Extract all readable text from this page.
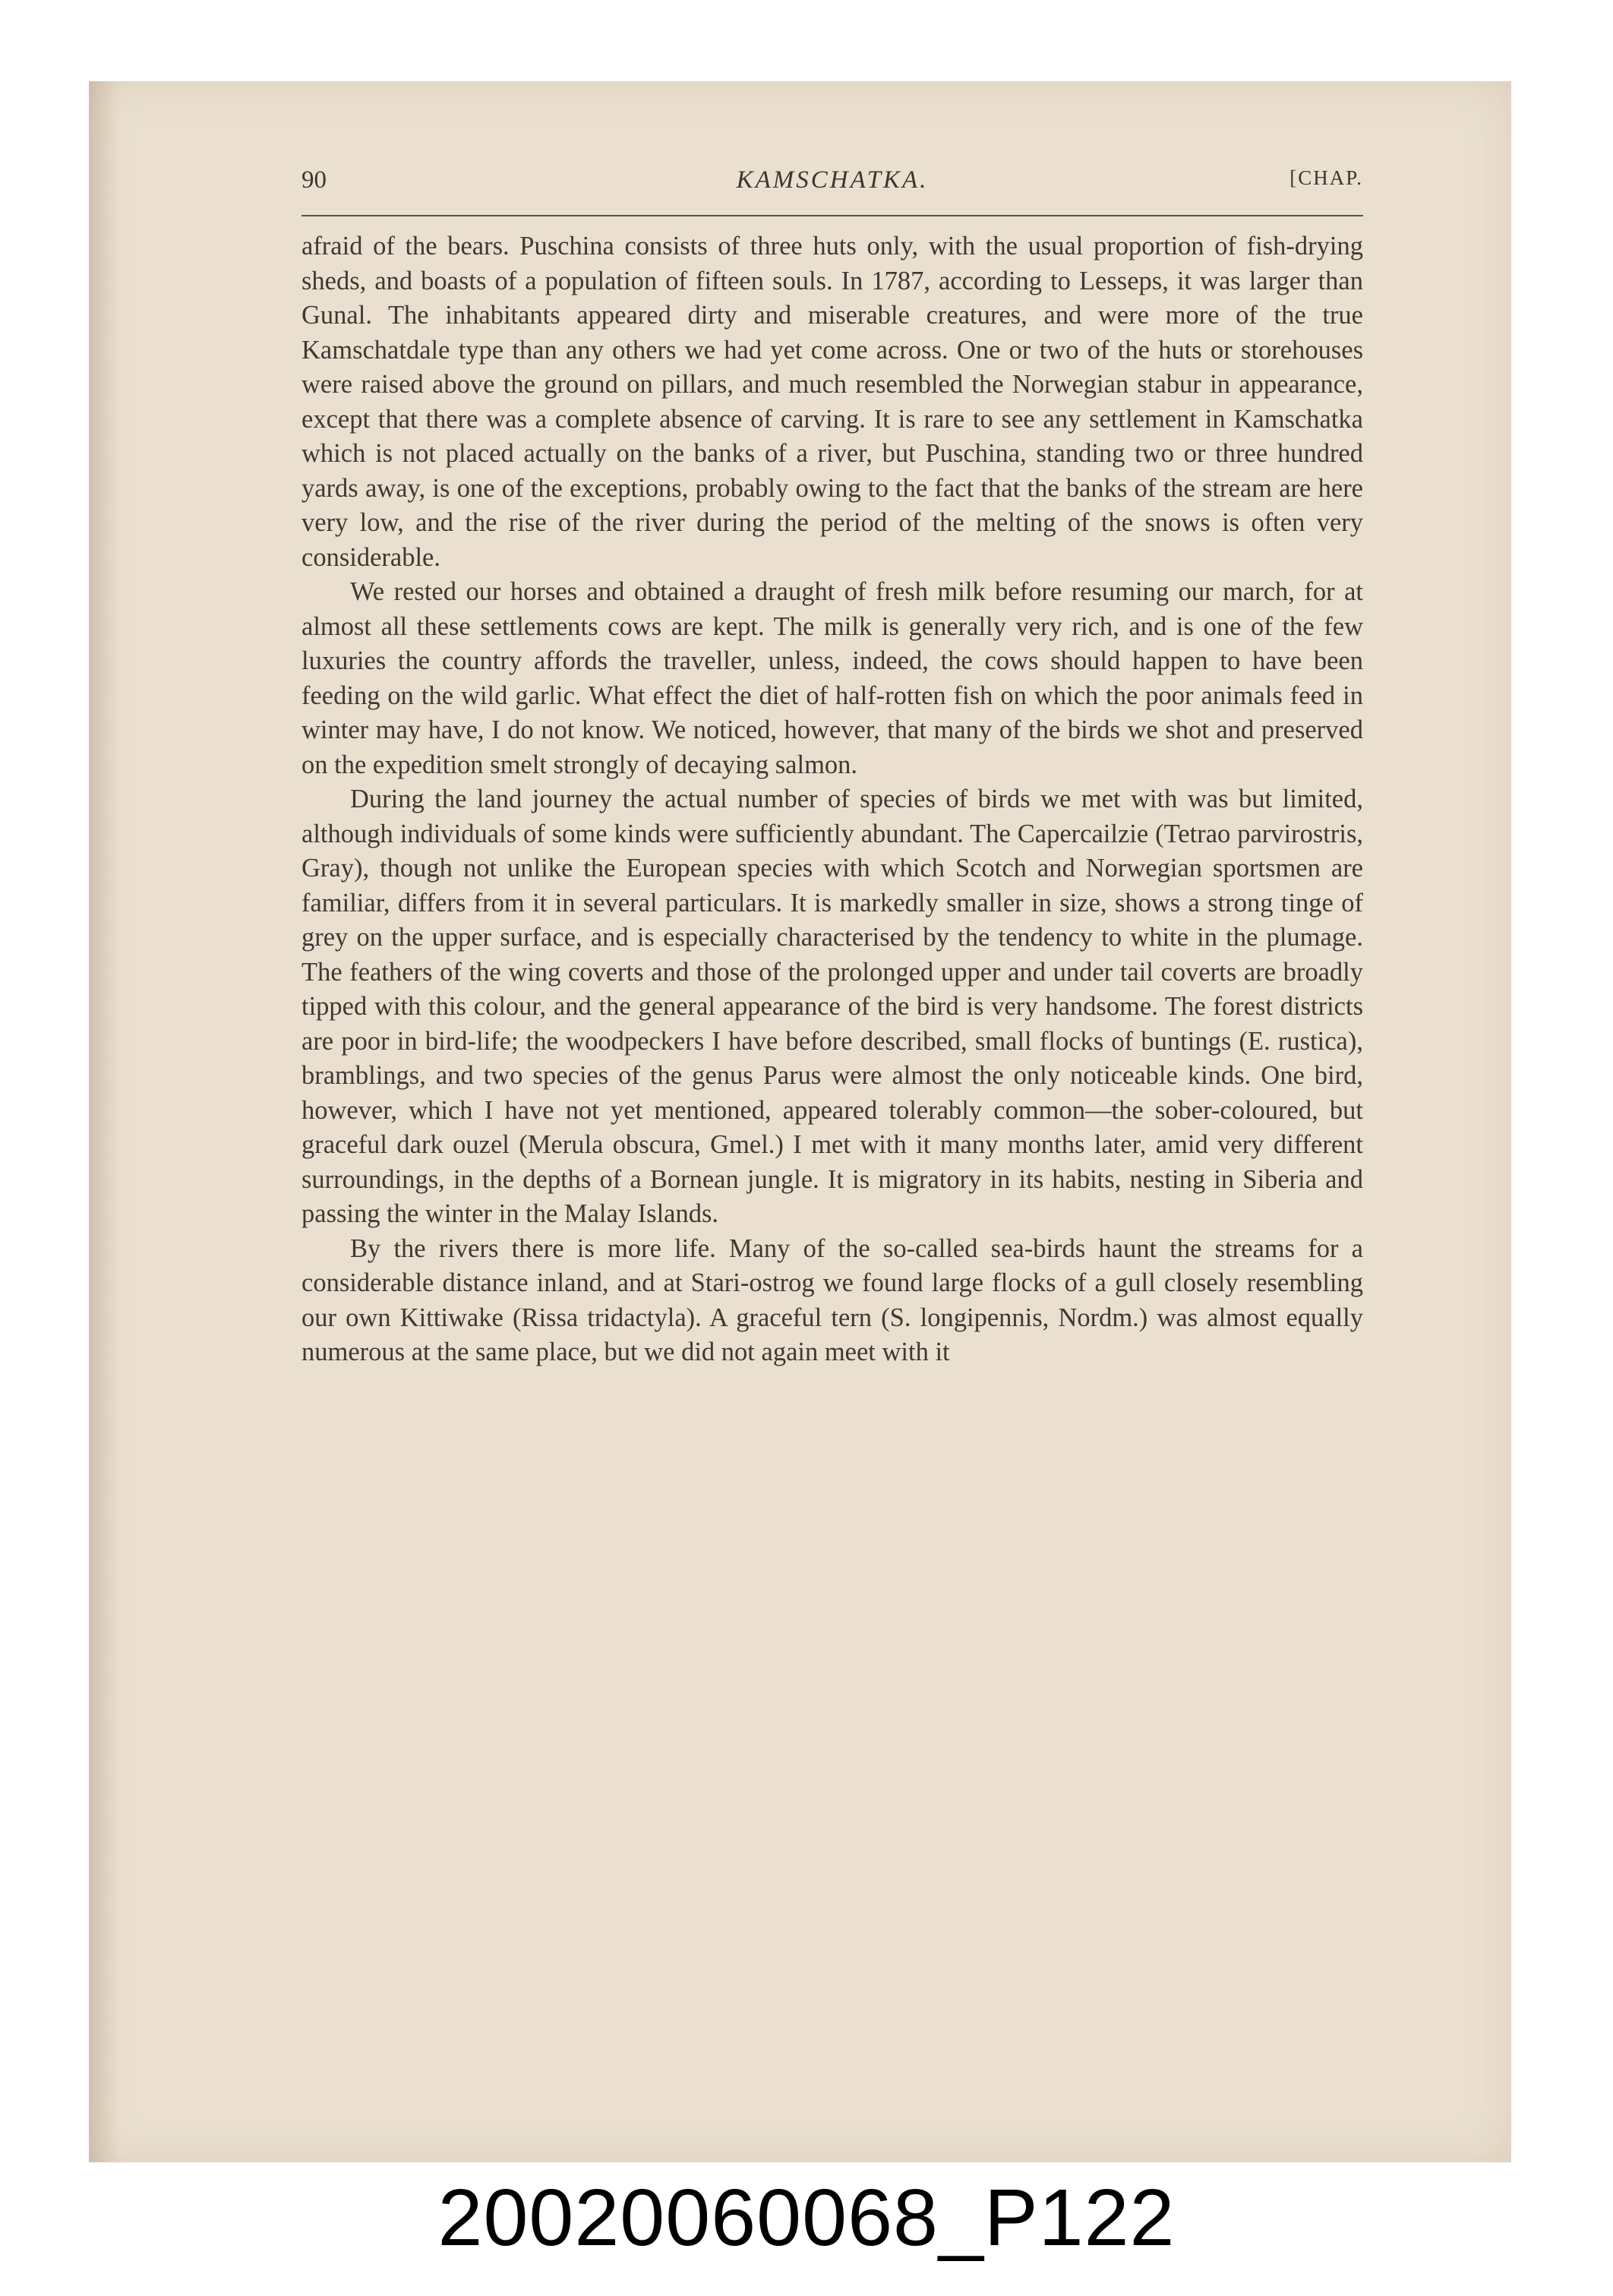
90	KAMSCHATKA.	[CHAP.

afraid of the bears. Puschina consists of three huts only, with the usual proportion of fish-drying sheds, and boasts of a population of fifteen souls. In 1787, according to Lesseps, it was larger than Gunal. The inhabitants appeared dirty and miserable creatures, and were more of the true Kamschatdale type than any others we had yet come across. One or two of the huts or storehouses were raised above the ground on pillars, and much resembled the Norwegian stabur in appearance, except that there was a complete absence of carving. It is rare to see any settlement in Kamschatka which is not placed actually on the banks of a river, but Puschina, standing two or three hundred yards away, is one of the exceptions, probably owing to the fact that the banks of the stream are here very low, and the rise of the river during the period of the melting of the snows is often very considerable.

We rested our horses and obtained a draught of fresh milk before resuming our march, for at almost all these settlements cows are kept. The milk is generally very rich, and is one of the few luxuries the country affords the traveller, unless, indeed, the cows should happen to have been feeding on the wild garlic. What effect the diet of half-rotten fish on which the poor animals feed in winter may have, I do not know. We noticed, however, that many of the birds we shot and preserved on the expedition smelt strongly of decaying salmon.

During the land journey the actual number of species of birds we met with was but limited, although individuals of some kinds were sufficiently abundant. The Capercailzie (Tetrao parvirostris, Gray), though not unlike the European species with which Scotch and Norwegian sportsmen are familiar, differs from it in several particulars. It is markedly smaller in size, shows a strong tinge of grey on the upper surface, and is especially characterised by the tendency to white in the plumage. The feathers of the wing coverts and those of the prolonged upper and under tail coverts are broadly tipped with this colour, and the general appearance of the bird is very handsome. The forest districts are poor in bird-life; the woodpeckers I have before described, small flocks of buntings (E. rustica), bramblings, and two species of the genus Parus were almost the only noticeable kinds. One bird, however, which I have not yet mentioned, appeared tolerably common—the sober-coloured, but graceful dark ouzel (Merula obscura, Gmel.) I met with it many months later, amid very different surroundings, in the depths of a Bornean jungle. It is migratory in its habits, nesting in Siberia and passing the winter in the Malay Islands.

By the rivers there is more life. Many of the so-called sea-birds haunt the streams for a considerable distance inland, and at Stari-ostrog we found large flocks of a gull closely resembling our own Kittiwake (Rissa tridactyla). A graceful tern (S. longipennis, Nordm.) was almost equally numerous at the same place, but we did not again meet with it

20020060068_P122
